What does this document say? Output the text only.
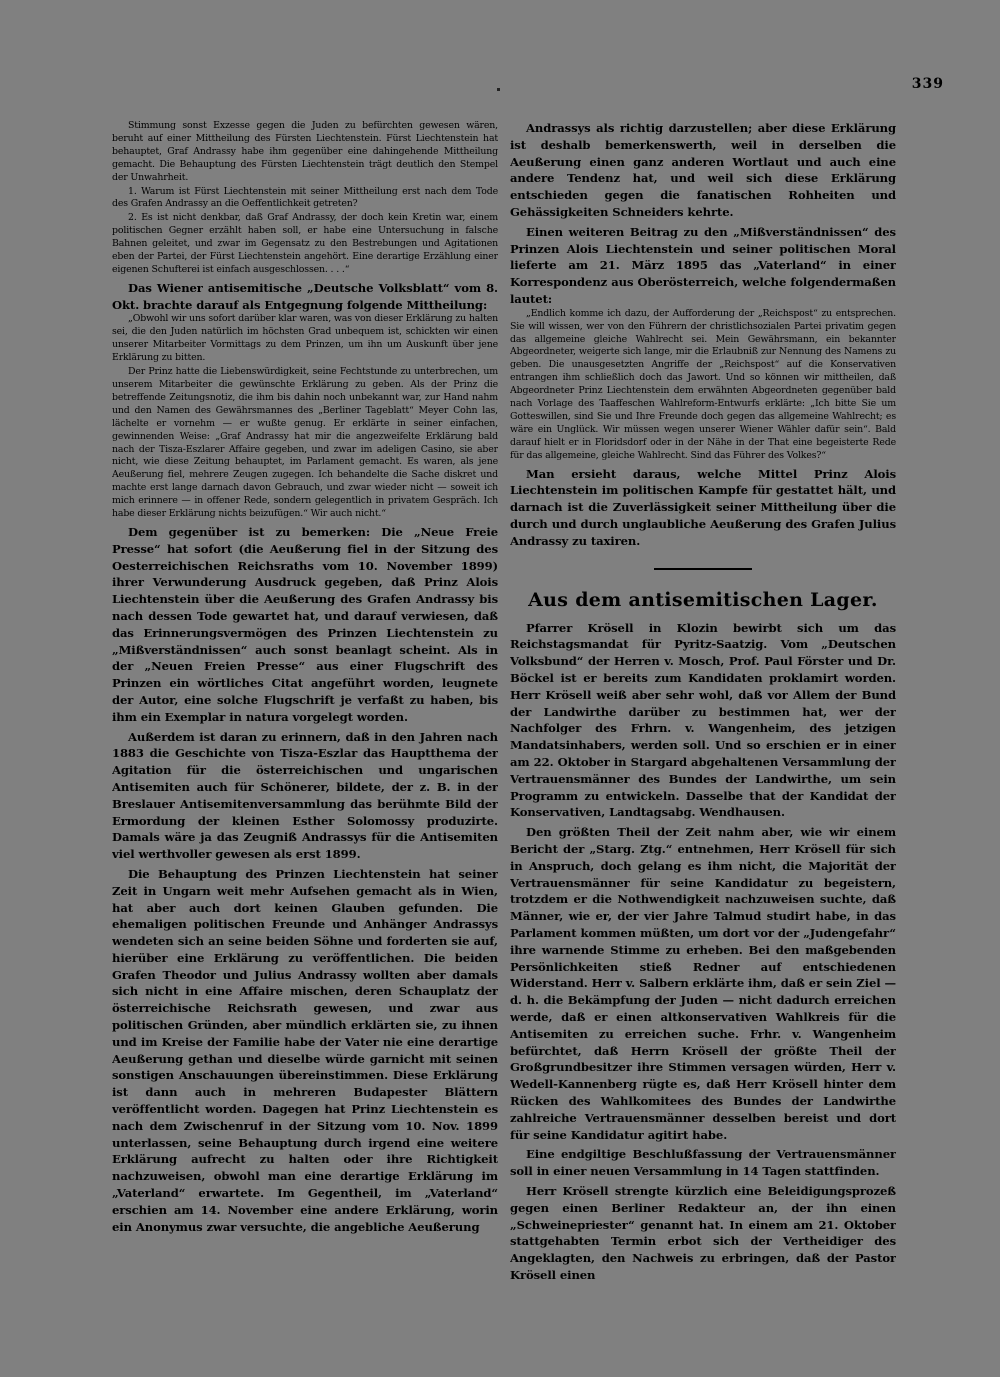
339

Stimmung sonst Exzesse gegen die Juden zu befürchten gewesen wären, beruht auf einer Mittheilung des Fürsten Liechtenstein. Fürst Liechtenstein hat behauptet, Graf Andrassy habe ihm gegenüber eine dahingehende Mittheilung gemacht. Die Behauptung des Fürsten Liechtenstein trägt deutlich den Stempel der Unwahrheit.

1. Warum ist Fürst Liechtenstein mit seiner Mittheilung erst nach dem Tode des Grafen Andrassy an die Oeffentlichkeit getreten?

2. Es ist nicht denkbar, daß Graf Andrassy, der doch kein Kretin war, einem politischen Gegner erzählt haben soll, er habe eine Untersuchung in falsche Bahnen geleitet, und zwar im Gegensatz zu den Bestrebungen und Agitationen eben der Partei, der Fürst Liechtenstein angehört. Eine derartige Erzählung einer eigenen Schufterei ist einfach ausgeschlossen. . . .“

Das Wiener antisemitische „Deutsche Volksblatt“ vom 8. Okt. brachte darauf als Entgegnung folgende Mittheilung:

„Obwohl wir uns sofort darüber klar waren, was von dieser Erklärung zu halten sei, die den Juden natürlich im höchsten Grad unbequem ist, schickten wir einen unserer Mitarbeiter Vormittags zu dem Prinzen, um ihn um Auskunft über jene Erklärung zu bitten.

Der Prinz hatte die Liebenswürdigkeit, seine Fechtstunde zu unterbrechen, um unserem Mitarbeiter die gewünschte Erklärung zu geben. Als der Prinz die betreffende Zeitungsnotiz, die ihm bis dahin noch unbekannt war, zur Hand nahm und den Namen des Gewährsmannes des „Berliner Tageblatt“ Meyer Cohn las, lächelte er vornehm — er wußte genug. Er erklärte in seiner einfachen, gewinnenden Weise: „Graf Andrassy hat mir die angezweifelte Erklärung bald nach der Tisza-Eszlarer Affaire gegeben, und zwar im adeligen Casino, sie aber nicht, wie diese Zeitung behauptet, im Parlament gemacht. Es waren, als jene Aeußerung fiel, mehrere Zeugen zugegen. Ich behandelte die Sache diskret und machte erst lange darnach davon Gebrauch, und zwar wieder nicht — soweit ich mich erinnere — in offener Rede, sondern gelegentlich in privatem Gespräch. Ich habe dieser Erklärung nichts beizufügen.“ Wir auch nicht.“

Dem gegenüber ist zu bemerken: Die „Neue Freie Presse“ hat sofort (die Aeußerung fiel in der Sitzung des Oesterreichischen Reichsraths vom 10. November 1899) ihrer Verwunderung Ausdruck gegeben, daß Prinz Alois Liechtenstein über die Aeußerung des Grafen Andrassy bis nach dessen Tode gewartet hat, und darauf verwiesen, daß das Erinnerungsvermögen des Prinzen Liechtenstein zu „Mißverständnissen“ auch sonst beanlagt scheint. Als in der „Neuen Freien Presse“ aus einer Flugschrift des Prinzen ein wörtliches Citat angeführt worden, leugnete der Autor, eine solche Flugschrift je verfaßt zu haben, bis ihm ein Exemplar in natura vorgelegt worden.

Außerdem ist daran zu erinnern, daß in den Jahren nach 1883 die Geschichte von Tisza-Eszlar das Hauptthema der Agitation für die österreichischen und ungarischen Antisemiten auch für Schönerer, bildete, der z. B. in der Breslauer Antisemitenversammlung das berühmte Bild der Ermordung der kleinen Esther Solomossy produzirte. Damals wäre ja das Zeugniß Andrassys für die Antisemiten viel werthvoller gewesen als erst 1899.

Die Behauptung des Prinzen Liechtenstein hat seiner Zeit in Ungarn weit mehr Aufsehen gemacht als in Wien, hat aber auch dort keinen Glauben gefunden. Die ehemaligen politischen Freunde und Anhänger Andrassys wendeten sich an seine beiden Söhne und forderten sie auf, hierüber eine Erklärung zu veröffentlichen. Die beiden Grafen Theodor und Julius Andrassy wollten aber damals sich nicht in eine Affaire mischen, deren Schauplatz der österreichische Reichsrath gewesen, und zwar aus politischen Gründen, aber mündlich erklärten sie, zu ihnen und im Kreise der Familie habe der Vater nie eine derartige Aeußerung gethan und dieselbe würde garnicht mit seinen sonstigen Anschauungen übereinstimmen. Diese Erklärung ist dann auch in mehreren Budapester Blättern veröffentlicht worden. Dagegen hat Prinz Liechtenstein es nach dem Zwischenruf in der Sitzung vom 10. Nov. 1899 unterlassen, seine Behauptung durch irgend eine weitere Erklärung aufrecht zu halten oder ihre Richtigkeit nachzuweisen, obwohl man eine derartige Erklärung im „Vaterland“ erwartete. Im Gegentheil, im „Vaterland“ erschien am 14. November eine andere Erklärung, worin ein Anonymus zwar versuchte, die angebliche Aeußerung

Andrassys als richtig darzustellen; aber diese Erklärung ist deshalb bemerkenswerth, weil in derselben die Aeußerung einen ganz anderen Wortlaut und auch eine andere Tendenz hat, und weil sich diese Erklärung entschieden gegen die fanatischen Rohheiten und Gehässigkeiten Schneiders kehrte.

Einen weiteren Beitrag zu den „Mißverständnissen“ des Prinzen Alois Liechtenstein und seiner politischen Moral lieferte am 21. März 1895 das „Vaterland“ in einer Korrespondenz aus Oberösterreich, welche folgendermaßen lautet:

„Endlich komme ich dazu, der Aufforderung der „Reichspost“ zu entsprechen. Sie will wissen, wer von den Führern der christlichsozialen Partei privatim gegen das allgemeine gleiche Wahlrecht sei. Mein Gewährsmann, ein bekannter Abgeordneter, weigerte sich lange, mir die Erlaubniß zur Nennung des Namens zu geben. Die unausgesetzten Angriffe der „Reichspost“ auf die Konservativen entrangen ihm schließlich doch das Jawort. Und so können wir mittheilen, daß Abgeordneter Prinz Liechtenstein dem erwähnten Abgeordneten gegenüber bald nach Vorlage des Taaffeschen Wahlreform-Entwurfs erklärte: „Ich bitte Sie um Gotteswillen, sind Sie und Ihre Freunde doch gegen das allgemeine Wahlrecht; es wäre ein Unglück. Wir müssen wegen unserer Wiener Wähler dafür sein“. Bald darauf hielt er in Floridsdorf oder in der Nähe in der That eine begeisterte Rede für das allgemeine, gleiche Wahlrecht. Sind das Führer des Volkes?“

Man ersieht daraus, welche Mittel Prinz Alois Liechtenstein im politischen Kampfe für gestattet hält, und darnach ist die Zuverlässigkeit seiner Mittheilung über die durch und durch unglaubliche Aeußerung des Grafen Julius Andrassy zu taxiren.

Aus dem antisemitischen Lager.

Pfarrer Krösell in Klozin bewirbt sich um das Reichstagsmandat für Pyritz-Saatzig. Vom „Deutschen Volksbund“ der Herren v. Mosch, Prof. Paul Förster und Dr. Böckel ist er bereits zum Kandidaten proklamirt worden. Herr Krösell weiß aber sehr wohl, daß vor Allem der Bund der Landwirthe darüber zu bestimmen hat, wer der Nachfolger des Frhrn. v. Wangenheim, des jetzigen Mandatsinhabers, werden soll. Und so erschien er in einer am 22. Oktober in Stargard abgehaltenen Versammlung der Vertrauensmänner des Bundes der Landwirthe, um sein Programm zu entwickeln. Dasselbe that der Kandidat der Konservativen, Landtagsabg. Wendhausen.

Den größten Theil der Zeit nahm aber, wie wir einem Bericht der „Starg. Ztg.“ entnehmen, Herr Krösell für sich in Anspruch, doch gelang es ihm nicht, die Majorität der Vertrauensmänner für seine Kandidatur zu begeistern, trotzdem er die Nothwendigkeit nachzuweisen suchte, daß Männer, wie er, der vier Jahre Talmud studirt habe, in das Parlament kommen müßten, um dort vor der „Judengefahr“ ihre warnende Stimme zu erheben. Bei den maßgebenden Persönlichkeiten stieß Redner auf entschiedenen Widerstand. Herr v. Salbern erklärte ihm, daß er sein Ziel — d. h. die Bekämpfung der Juden — nicht dadurch erreichen werde, daß er einen altkonservativen Wahlkreis für die Antisemiten zu erreichen suche. Frhr. v. Wangenheim befürchtet, daß Herrn Krösell der größte Theil der Großgrundbesitzer ihre Stimmen versagen würden, Herr v. Wedell-Kannenberg rügte es, daß Herr Krösell hinter dem Rücken des Wahlkomitees des Bundes der Landwirthe zahlreiche Vertrauensmänner desselben bereist und dort für seine Kandidatur agitirt habe.

Eine endgiltige Beschlußfassung der Vertrauensmänner soll in einer neuen Versammlung in 14 Tagen stattfinden.

Herr Krösell strengte kürzlich eine Beleidigungsprozeß gegen einen Berliner Redakteur an, der ihn einen „Schweinepriester“ genannt hat. In einem am 21. Oktober stattgehabten Termin erbot sich der Vertheidiger des Angeklagten, den Nachweis zu erbringen, daß der Pastor Krösell einen
